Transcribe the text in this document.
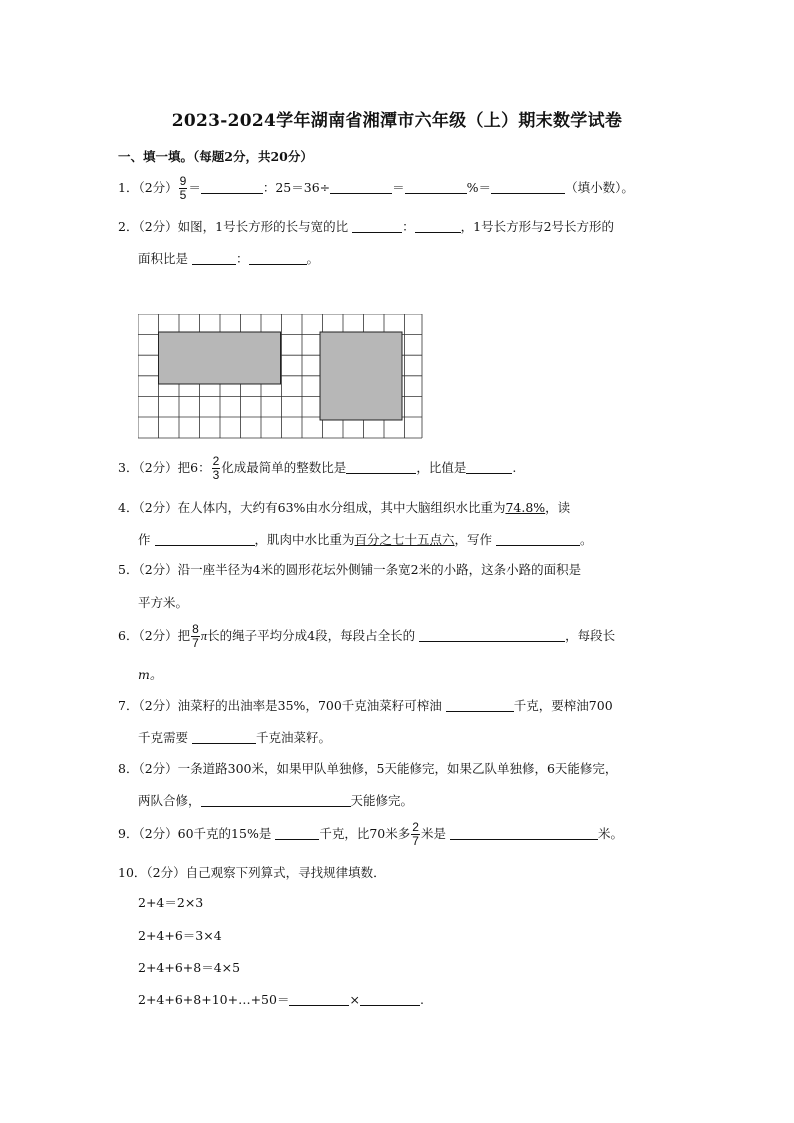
2023-2024学年湖南省湘潭市六年级（上）期末数学试卷
一、填一填。（每题2分，共20分）
1．（2分） $\frac{9}{5}$ ＝	：25＝36÷	＝	%＝	（填小数）。
2．（2分）如图，1号长方形的长与宽的比	：	，1号长方形与2号长方形的
面积比是	：	。
3．（2分）把6： $\frac{2}{3}$ 化成最简单的整数比是	，比值是	.
4．（2分）在人体内，大约有63%由水分组成，其中大脑组织水比重为74.8%，读
作	，肌肉中水比重为百分之七十五点六，写作	。
5．（2分）沿一座半径为4米的圆形花坛外侧铺一条宽2米的小路，这条小路的面积是
平方米。
6．（2分）把 $\frac{8}{7}$ π长的绳子平均分成4段，每段占全长的	，每段长
m。
7．（2分）油菜籽的出油率是35%，700千克油菜籽可榨油	千克，要榨油700
千克需要	千克油菜籽。
8．（2分）一条道路300米，如果甲队单独修，5天能修完，如果乙队单独修，6天能修完，
两队合修，	天能修完。
9．（2分）60千克的15%是	千克，比70米多 $\frac{2}{7}$ 米是	米。
10．（2分）自己观察下列算式，寻找规律填数．
2+4＝2×3
2+4+6＝3×4
2+4+6+8＝4×5
2+4+6+8+10+…+50＝	×	.
